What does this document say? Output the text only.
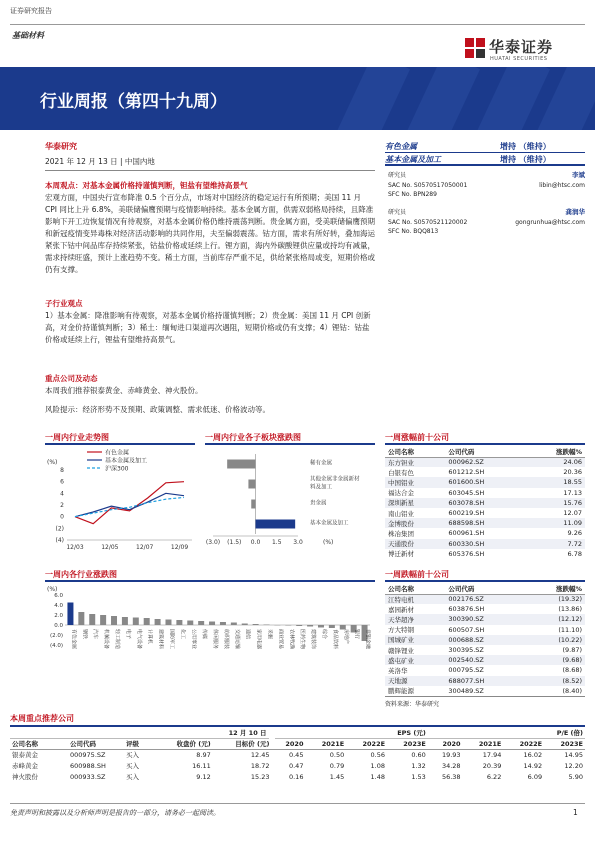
证券研究报告
基础材料
华泰证券
HUATAI SECURITIES
行业周报（第四十九周）
华泰研究
2021 年 12 月 13 日 | 中国内地
有色金属	增持 （维持）
基本金属及加工	增持 （维持）
研究员	李斌
SAC No. S0570517050001	libin@htsc.com
SFC No. BPN289
研究员	龚润华
SAC No. S0570521120002	gongrunhua@htsc.com
SFC No. BQQ813
本周观点：对基本金属价格持谨慎判断，钽盐有望维持高景气
宏观方面，中国央行宣布降准 0.5 个百分点，市场对中国经济的稳定运行有所预期；美国 11 月 CPI 同比上升 6.8%，美联储偏鹰预期与疫情影响持续。基本金属方面，供需双弱格局持续，且降准影响下开工边恢复情况有待观察，对基本金属价格仍维持震荡判断。贵金属方面，受美联储偏鹰预期和新冠疫情变异毒株对经济活动影响的共同作用，夫至偏弱震荡。钴方面，需求有所好转，叠加海运紧张下钴中间品库存持续紧张，钴盐价格或延续上行。锂方面，海内外碳酸锂供应量或持均有减量，需求持续旺盛，预计上涨趋势不变。稀土方面，当前库存严重不足，供给紧张格局或变，短期价格或仍有支撑。
子行业观点
1）基本金属：降准影响有待观察，对基本金属价格持谨慎判断；2）贵金属：美国 11 月 CPI 创新高，对金价持谨慎判断；3）稀土：缅甸进口渠道再次遇阻，短期价格或仍有支撑；4）锂钴：钴盐价格或延续上行，锂盐有望维持高景气。
重点公司及动态
本周我们推荐银泰黄金、赤峰黄金、神火股份。
风险提示：经济形势不及预期、政策调整、需求低迷、价格波动等。
一周内行业走势图	一周内行业各子板块涨跌图	一周涨幅前十公司
(%)
8
6
4
2
0
(2)
(4)
12/03	12/05	12/07	12/09
有色金属
基本金属及加工
沪深300
稀有金属
其他金属非金属新材
料及加工
贵金属
基本金属及加工
(3.0) (1.5) 0.0 1.5 3.0	(%)
公司名称	公司代码	涨跌幅%
东方钽业	000962.SZ	24.06
白银有色	601212.SH	20.36
中国铝业	601600.SH	18.55
福达合金	603045.SH	17.13
深圳新星	603078.SH	15.76
南山铝业	600219.SH	12.07
金博股份	688598.SH	11.09
株冶集团	600961.SH	9.26
天通股份	600330.SH	7.72
博迁新材	605376.SH	6.78
一周内各行业涨跌图
(%)
6.0
4.0
2.0
0.0
(2.0)
(4.0) 有色金属 钢铁 汽车 机械设备 轻工制造 电子 电气设备 计算机 建筑材料 国防军工 化工 公用事业 传媒 休闲服务 纺织服装 交通运输 通信 家用电器 采掘 商业贸易 农林牧渔 医药生物 建筑装饰 综合 食品饮料 房地产 银行 非银金融
一周跌幅前十公司
公司名称	公司代码	涨跌幅%
江特电机	002176.SZ	(19.32)
嘉园新材	603876.SH	(13.86)
天华超净	300390.SZ	(12.12)
方大特钢	600507.SH	(11.10)
国城矿业	000688.SZ	(10.22)
赣锋锂业	300395.SZ	(9.87)
盛屯矿业	002540.SZ	(9.68)
英洛华	000795.SZ	(8.68)
天地源	688077.SH	(8.52)
鹏辉能源	300489.SZ	(8.40)
资料来源：华泰研究
本周重点推荐公司
			12 月 10 日		EPS (元)				P/E (倍)			
公司名称	公司代码	评级	收盘价 (元)	目标价 (元)	2020	2021E	2022E	2023E	2020	2021E	2022E	2023E
银泰黄金	000975.SZ	买入	8.97	12.45	0.45	0.50	0.56	0.60	19.93	17.94	16.02	14.95
赤峰黄金	600988.SH	买入	16.11	18.72	0.47	0.79	1.08	1.32	34.28	20.39	14.92	12.20
神火股份	000933.SZ	买入	9.12	15.23	0.16	1.45	1.48	1.53	56.38	6.22	6.09	5.90
免责声明和披露以及分析师声明是报告的一部分，请务必一起阅读。	1
